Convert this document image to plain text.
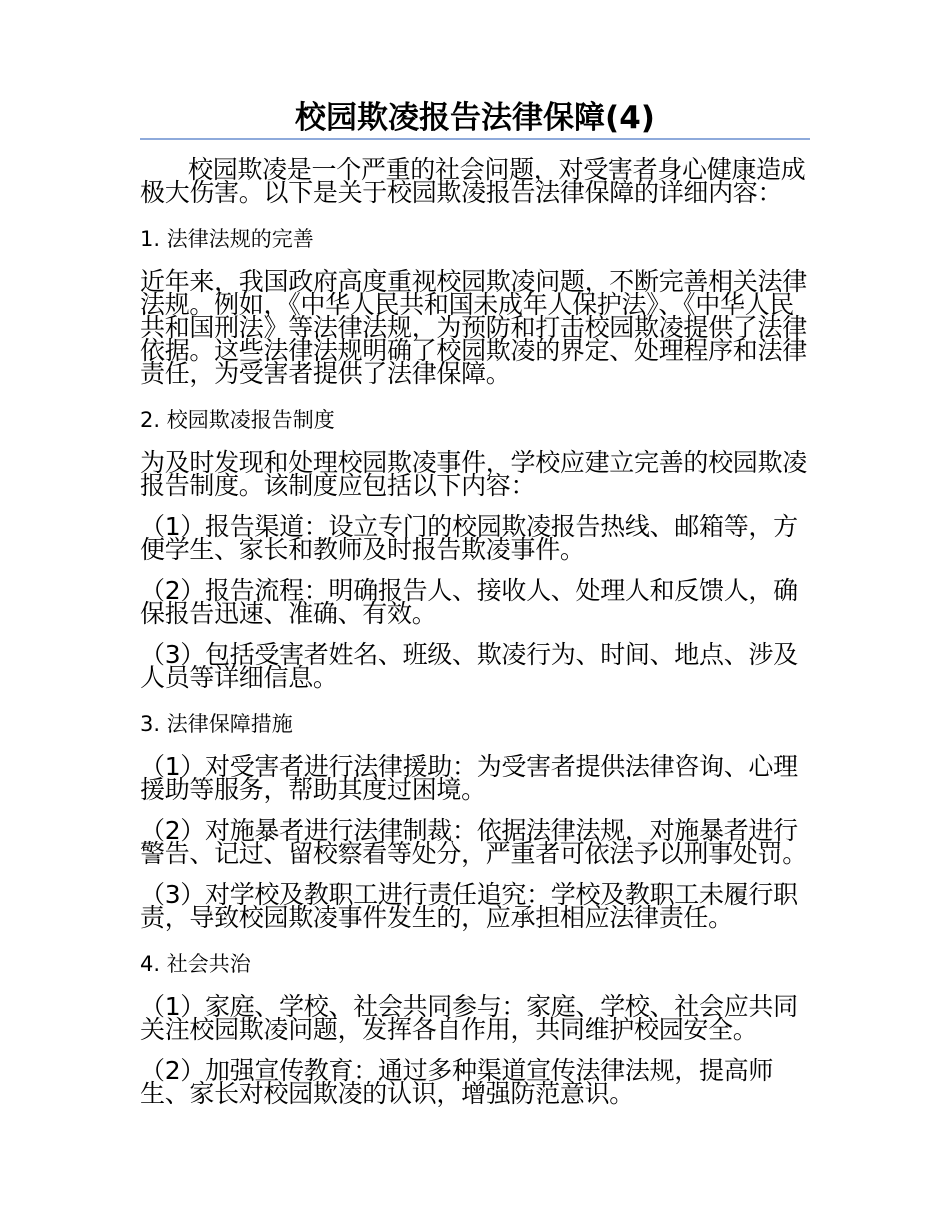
校园欺凌报告法律保障(4)

校园欺凌是一个严重的社会问题，对受害者身心健康造成极大伤害。以下是关于校园欺凌报告法律保障的详细内容：

1. 法律法规的完善

近年来，我国政府高度重视校园欺凌问题，不断完善相关法律法规。例如，《中华人民共和国未成年人保护法》、《中华人民共和国刑法》等法律法规，为预防和打击校园欺凌提供了法律依据。这些法律法规明确了校园欺凌的界定、处理程序和法律责任，为受害者提供了法律保障。

2. 校园欺凌报告制度

为及时发现和处理校园欺凌事件，学校应建立完善的校园欺凌报告制度。该制度应包括以下内容：

（1）报告渠道：设立专门的校园欺凌报告热线、邮箱等，方便学生、家长和教师及时报告欺凌事件。

（2）报告流程：明确报告人、接收人、处理人和反馈人，确保报告迅速、准确、有效。

（3）包括受害者姓名、班级、欺凌行为、时间、地点、涉及人员等详细信息。

3. 法律保障措施

（1）对受害者进行法律援助：为受害者提供法律咨询、心理援助等服务，帮助其度过困境。

（2）对施暴者进行法律制裁：依据法律法规，对施暴者进行警告、记过、留校察看等处分，严重者可依法予以刑事处罚。

（3）对学校及教职工进行责任追究：学校及教职工未履行职责，导致校园欺凌事件发生的，应承担相应法律责任。

4. 社会共治

（1）家庭、学校、社会共同参与：家庭、学校、社会应共同关注校园欺凌问题，发挥各自作用，共同维护校园安全。

（2）加强宣传教育：通过多种渠道宣传法律法规，提高师生、家长对校园欺凌的认识，增强防范意识。
